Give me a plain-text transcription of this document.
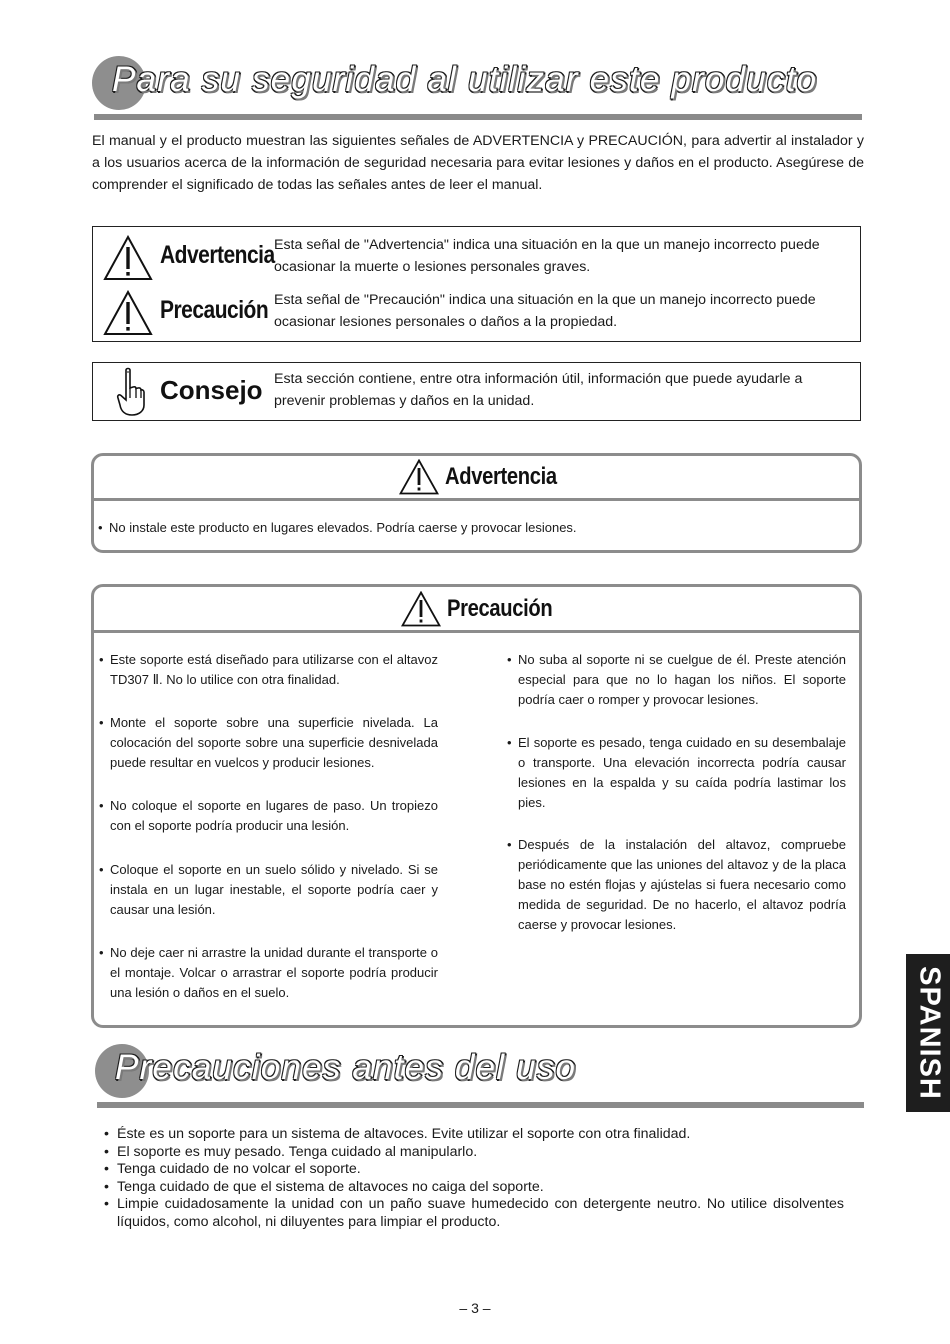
Para su seguridad al utilizar este producto
El manual y el producto muestran las siguientes señales de ADVERTENCIA y PRECAUCIÓN, para advertir al instalador y a los usuarios acerca de la información de seguridad necesaria para evitar lesiones y daños en el producto. Asegúrese de comprender el significado de todas las señales antes de leer el manual.
Advertencia Esta señal de "Advertencia" indica una situación en la que un manejo incorrecto puede ocasionar la muerte o lesiones personales graves.
Precaución Esta señal de "Precaución" indica una situación en la que un manejo incorrecto puede ocasionar lesiones personales o daños a la propiedad.
Consejo Esta sección contiene, entre otra información útil, información que puede ayudarle a prevenir problemas y daños en la unidad.
Advertencia
• No instale este producto en lugares elevados. Podría caerse y provocar lesiones.
Precaución
• Este soporte está diseñado para utilizarse con el altavoz TD307 Ⅱ. No lo utilice con otra finalidad.
• Monte el soporte sobre una superficie nivelada. La colocación del soporte sobre una superficie desnivelada puede resultar en vuelcos y producir lesiones.
• No coloque el soporte en lugares de paso. Un tropiezo con el soporte podría producir una lesión.
• Coloque el soporte en un suelo sólido y nivelado. Si se instala en un lugar inestable, el soporte podría caer y causar una lesión.
• No deje caer ni arrastre la unidad durante el transporte o el montaje. Volcar o arrastrar el soporte podría producir una lesión o daños en el suelo.
• No suba al soporte ni se cuelgue de él. Preste atención especial para que no lo hagan los niños. El soporte podría caer o romper y provocar lesiones.
• El soporte es pesado, tenga cuidado en su desembalaje o transporte. Una elevación incorrecta podría causar lesiones en la espalda y su caída podría lastimar los pies.
• Después de la instalación del altavoz, compruebe periódicamente que las uniones del altavoz y de la placa base no estén flojas y ajústelas si fuera necesario como medida de seguridad. De no hacerlo, el altavoz podría caerse y provocar lesiones.
Precauciones antes del uso
• Éste es un soporte para un sistema de altavoces. Evite utilizar el soporte con otra finalidad.
• El soporte es muy pesado. Tenga cuidado al manipularlo.
• Tenga cuidado de no volcar el soporte.
• Tenga cuidado de que el sistema de altavoces no caiga del soporte.
• Limpie cuidadosamente la unidad con un paño suave humedecido con detergente neutro. No utilice disolventes líquidos, como alcohol, ni diluyentes para limpiar el producto.
SPANISH
– 3 –
